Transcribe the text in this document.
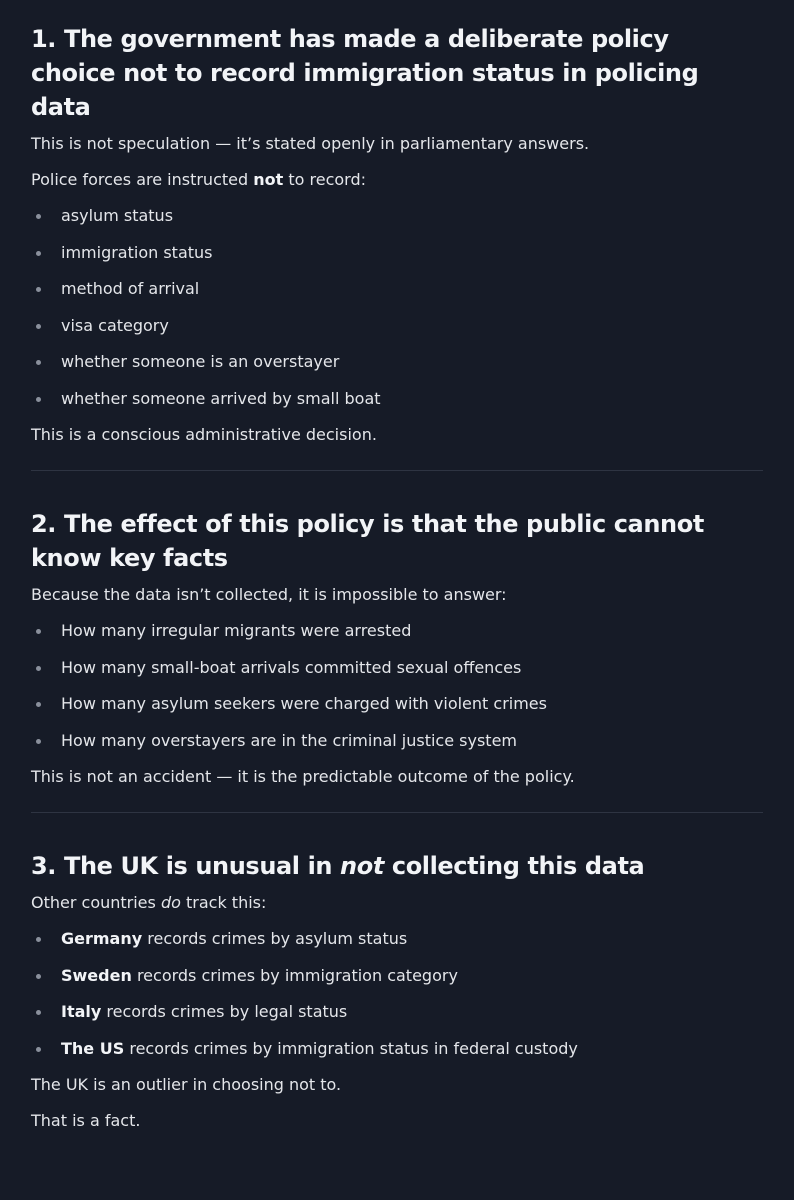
1. The government has made a deliberate policy choice not to record immigration status in policing data

This is not speculation — it’s stated openly in parliamentary answers.

Police forces are instructed not to record:

asylum status
immigration status
method of arrival
visa category
whether someone is an overstayer
whether someone arrived by small boat

This is a conscious administrative decision.

2. The effect of this policy is that the public cannot know key facts

Because the data isn’t collected, it is impossible to answer:

How many irregular migrants were arrested
How many small-boat arrivals committed sexual offences
How many asylum seekers were charged with violent crimes
How many overstayers are in the criminal justice system

This is not an accident — it is the predictable outcome of the policy.

3. The UK is unusual in not collecting this data

Other countries do track this:

Germany records crimes by asylum status
Sweden records crimes by immigration category
Italy records crimes by legal status
The US records crimes by immigration status in federal custody

The UK is an outlier in choosing not to.

That is a fact.
